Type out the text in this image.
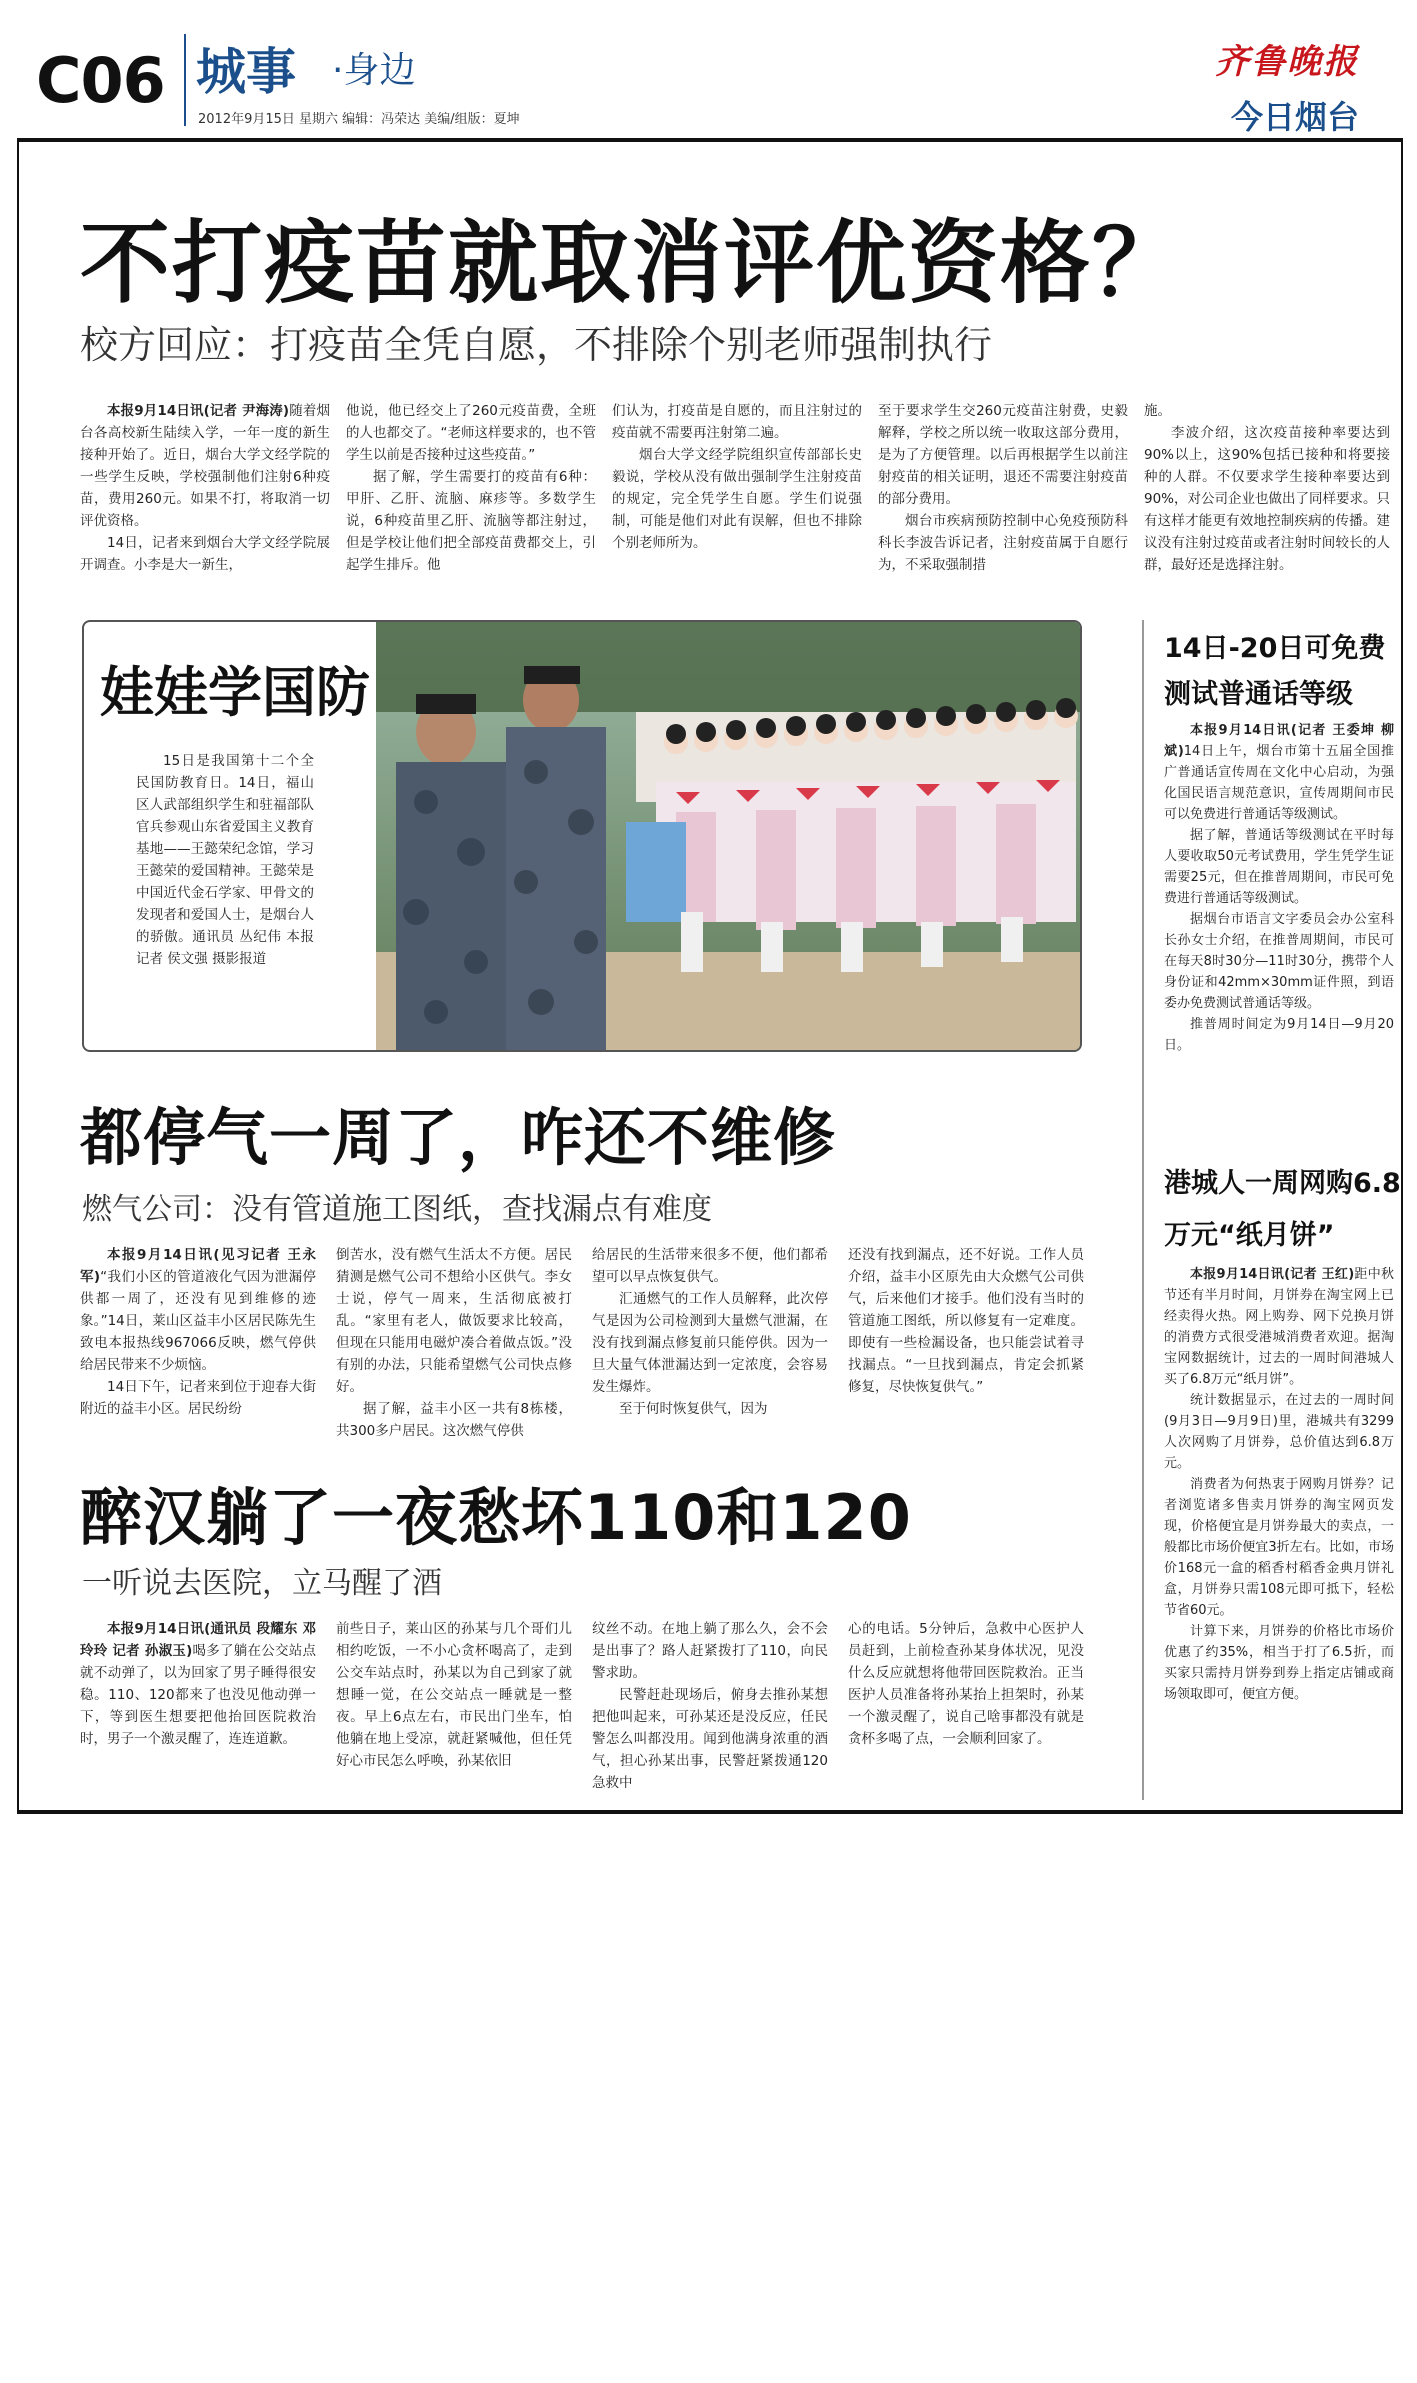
C06 城事 ·身边
2012年9月15日 星期六 编辑：冯荣达 美编/组版：夏坤
齐鲁晚报
今日烟台
不打疫苗就取消评优资格？
校方回应：打疫苗全凭自愿，不排除个别老师强制执行

本报9月14日讯(记者 尹海涛)随着烟台各高校新生陆续入学，一年一度的新生接种开始了。近日，烟台大学文经学院的一些学生反映，学校强制他们注射6种疫苗，费用260元。如果不打，将取消一切评优资格。

14日，记者来到烟台大学文经学院展开调查。小李是大一新生，

他说，他已经交上了260元疫苗费，全班的人也都交了。“老师这样要求的，也不管学生以前是否接种过这些疫苗。”

据了解，学生需要打的疫苗有6种：甲肝、乙肝、流脑、麻疹等。多数学生说，6种疫苗里乙肝、流脑等都注射过，但是学校让他们把全部疫苗费都交上，引起学生排斥。他

们认为，打疫苗是自愿的，而且注射过的疫苗就不需要再注射第二遍。

烟台大学文经学院组织宣传部部长史毅说，学校从没有做出强制学生注射疫苗的规定，完全凭学生自愿。学生们说强制，可能是他们对此有误解，但也不排除个别老师所为。

至于要求学生交260元疫苗注射费，史毅解释，学校之所以统一收取这部分费用，是为了方便管理。以后再根据学生以前注射疫苗的相关证明，退还不需要注射疫苗的部分费用。

烟台市疾病预防控制中心免疫预防科科长李波告诉记者，注射疫苗属于自愿行为，不采取强制措

施。

李波介绍，这次疫苗接种率要达到90%以上，这90%包括已接种和将要接种的人群。不仅要求学生接种率要达到90%，对公司企业也做出了同样要求。只有这样才能更有效地控制疾病的传播。建议没有注射过疫苗或者注射时间较长的人群，最好还是选择注射。

娃娃学国防

15日是我国第十二个全民国防教育日。14日，福山区人武部组织学生和驻福部队官兵参观山东省爱国主义教育基地——王懿荣纪念馆，学习王懿荣的爱国精神。王懿荣是中国近代金石学家、甲骨文的发现者和爱国人士，是烟台人的骄傲。通讯员 丛纪伟 本报记者 侯文强 摄影报道

14日-20日可免费测试普通话等级

本报9月14日讯(记者 王委坤 柳斌)14日上午，烟台市第十五届全国推广普通话宣传周在文化中心启动，为强化国民语言规范意识，宣传周期间市民可以免费进行普通话等级测试。

据了解，普通话等级测试在平时每人要收取50元考试费用，学生凭学生证需要25元，但在推普周期间，市民可免费进行普通话等级测试。

据烟台市语言文字委员会办公室科长孙女士介绍，在推普周期间，市民可在每天8时30分—11时30分，携带个人身份证和42mm×30mm证件照，到语委办免费测试普通话等级。

推普周时间定为9月14日—9月20日。

港城人一周网购6.8万元“纸月饼”

本报9月14日讯(记者 王红)距中秋节还有半月时间，月饼券在淘宝网上已经卖得火热。网上购券、网下兑换月饼的消费方式很受港城消费者欢迎。据淘宝网数据统计，过去的一周时间港城人买了6.8万元“纸月饼”。

统计数据显示，在过去的一周时间(9月3日—9月9日)里，港城共有3299人次网购了月饼券，总价值达到6.8万元。

消费者为何热衷于网购月饼券？记者浏览诸多售卖月饼券的淘宝网页发现，价格便宜是月饼券最大的卖点，一般都比市场价便宜3折左右。比如，市场价168元一盒的稻香村稻香金典月饼礼盒，月饼券只需108元即可抵下，轻松节省60元。

计算下来，月饼券的价格比市场价优惠了约35%，相当于打了6.5折，而买家只需持月饼券到券上指定店铺或商场领取即可，便宜方便。

都停气一周了，咋还不维修
燃气公司：没有管道施工图纸，查找漏点有难度

本报9月14日讯(见习记者 王永军)“我们小区的管道液化气因为泄漏停供都一周了，还没有见到维修的迹象。”14日，莱山区益丰小区居民陈先生致电本报热线967066反映，燃气停供给居民带来不少烦恼。

14日下午，记者来到位于迎春大街附近的益丰小区。居民纷纷

倒苦水，没有燃气生活太不方便。居民猜测是燃气公司不想给小区供气。李女士说，停气一周来，生活彻底被打乱。“家里有老人，做饭要求比较高，但现在只能用电磁炉凑合着做点饭。”没有别的办法，只能希望燃气公司快点修好。

据了解，益丰小区一共有8栋楼，共300多户居民。这次燃气停供

给居民的生活带来很多不便，他们都希望可以早点恢复供气。

汇通燃气的工作人员解释，此次停气是因为公司检测到大量燃气泄漏，在没有找到漏点修复前只能停供。因为一旦大量气体泄漏达到一定浓度，会容易发生爆炸。

至于何时恢复供气，因为

还没有找到漏点，还不好说。工作人员介绍，益丰小区原先由大众燃气公司供气，后来他们才接手。他们没有当时的管道施工图纸，所以修复有一定难度。即使有一些检漏设备，也只能尝试着寻找漏点。“一旦找到漏点，肯定会抓紧修复，尽快恢复供气。”

醉汉躺了一夜愁坏110和120
一听说去医院，立马醒了酒

本报9月14日讯(通讯员 段耀东 邓玲玲 记者 孙淑玉)喝多了躺在公交站点就不动弹了，以为回家了男子睡得很安稳。110、120都来了也没见他动弹一下，等到医生想要把他抬回医院救治时，男子一个激灵醒了，连连道歉。

前些日子，莱山区的孙某与几个哥们儿相约吃饭，一不小心贪杯喝高了，走到公交车站点时，孙某以为自己到家了就想睡一觉，在公交站点一睡就是一整夜。早上6点左右，市民出门坐车，怕他躺在地上受凉，就赶紧喊他，但任凭好心市民怎么呼唤，孙某依旧

纹丝不动。在地上躺了那么久，会不会是出事了？路人赶紧拨打了110，向民警求助。

民警赶赴现场后，俯身去推孙某想把他叫起来，可孙某还是没反应，任民警怎么叫都没用。闻到他满身浓重的酒气，担心孙某出事，民警赶紧拨通120急救中

心的电话。5分钟后，急救中心医护人员赶到，上前检查孙某身体状况，见没什么反应就想将他带回医院救治。正当医护人员准备将孙某抬上担架时，孙某一个激灵醒了，说自己啥事都没有就是贪杯多喝了点，一会顺利回家了。
